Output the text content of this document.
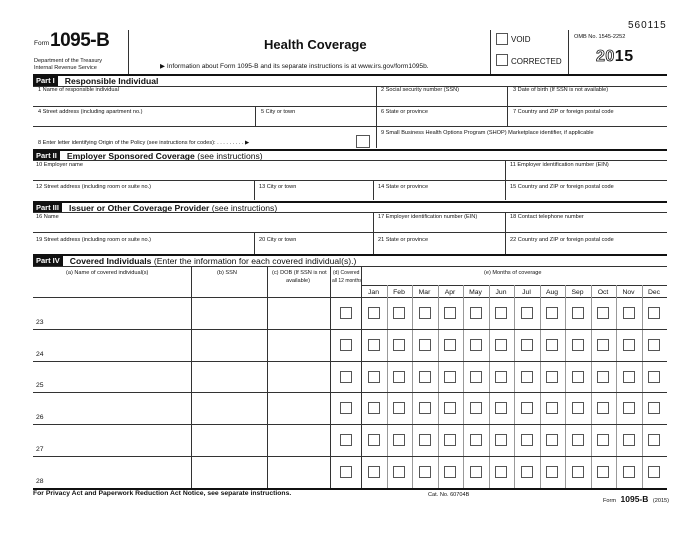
Form 1095-B
Department of the Treasury
Internal Revenue Service
Health Coverage
▶ Information about Form 1095-B and its separate instructions is at www.irs.gov/form1095b.
560115
VOID
CORRECTED
OMB No. 1545-2252
2015
Part I	Responsible Individual
1 Name of responsible individual	2 Social security number (SSN)	3 Date of birth (If SSN is not available)
4 Street address (including apartment no.)	5 City or town	6 State or province	7 Country and ZIP or foreign postal code
9 Small Business Health Options Program (SHOP) Marketplace identifier, if applicable
8 Enter letter identifying Origin of the Policy (see instructions for codes): . . . . . . . . . ▶
Part II	Employer Sponsored Coverage (see instructions)
10 Employer name	11 Employer identification number (EIN)
12 Street address (including room or suite no.)	13 City or town	14 State or province	15 Country and ZIP or foreign postal code
Part III	Issuer or Other Coverage Provider (see instructions)
16 Name	17 Employer identification number (EIN)	18 Contact telephone number
19 Street address (including room or suite no.)	20 City or town	21 State or province	22 Country and ZIP or foreign postal code
Part IV	Covered Individuals (Enter the information for each covered individual(s).)
(a) Name of covered individual(s)	(b) SSN	(c) DOB (If SSN is not
available)
(d) Covered
all 12 months
(e) Months of coverage
Jan	Feb	Mar	Apr	May	Jun	Jul	Aug	Sep	Oct	Nov	Dec
23
24
25
26
27
28
For Privacy Act and Paperwork Reduction Act Notice, see separate instructions.	Cat. No. 60704B
Form 1095-B (2015)
